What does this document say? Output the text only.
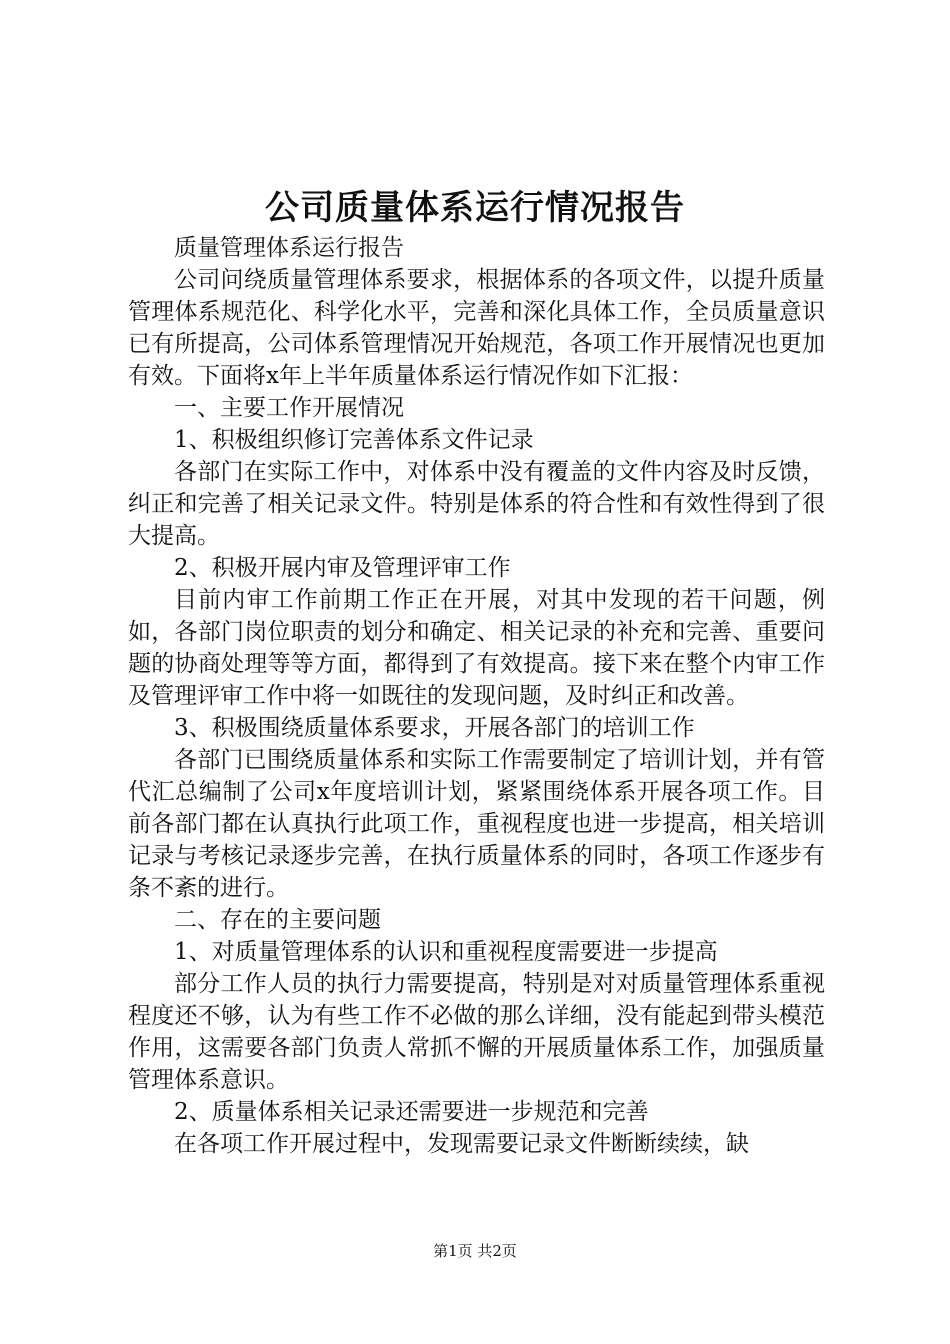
公司质量体系运行情况报告

质量管理体系运行报告

公司问绕质量管理体系要求，根据体系的各项文件，以提升质量管理体系规范化、科学化水平，完善和深化具体工作，全员质量意识已有所提高，公司体系管理情况开始规范，各项工作开展情况也更加有效。下面将x年上半年质量体系运行情况作如下汇报：

一、主要工作开展情况

1、积极组织修订完善体系文件记录

各部门在实际工作中，对体系中没有覆盖的文件内容及时反馈，纠正和完善了相关记录文件。特别是体系的符合性和有效性得到了很大提高。

2、积极开展内审及管理评审工作

目前内审工作前期工作正在开展，对其中发现的若干问题，例如，各部门岗位职责的划分和确定、相关记录的补充和完善、重要问题的协商处理等等方面，都得到了有效提高。接下来在整个内审工作及管理评审工作中将一如既往的发现问题，及时纠正和改善。

3、积极围绕质量体系要求，开展各部门的培训工作

各部门已围绕质量体系和实际工作需要制定了培训计划，并有管代汇总编制了公司x年度培训计划，紧紧围绕体系开展各项工作。目前各部门都在认真执行此项工作，重视程度也进一步提高，相关培训记录与考核记录逐步完善，在执行质量体系的同时，各项工作逐步有条不紊的进行。

二、存在的主要问题

1、对质量管理体系的认识和重视程度需要进一步提高

部分工作人员的执行力需要提高，特别是对对质量管理体系重视程度还不够，认为有些工作不必做的那么详细，没有能起到带头模范作用，这需要各部门负责人常抓不懈的开展质量体系工作，加强质量管理体系意识。

2、质量体系相关记录还需要进一步规范和完善

在各项工作开展过程中，发现需要记录文件断断续续，缺

第1页 共2页
